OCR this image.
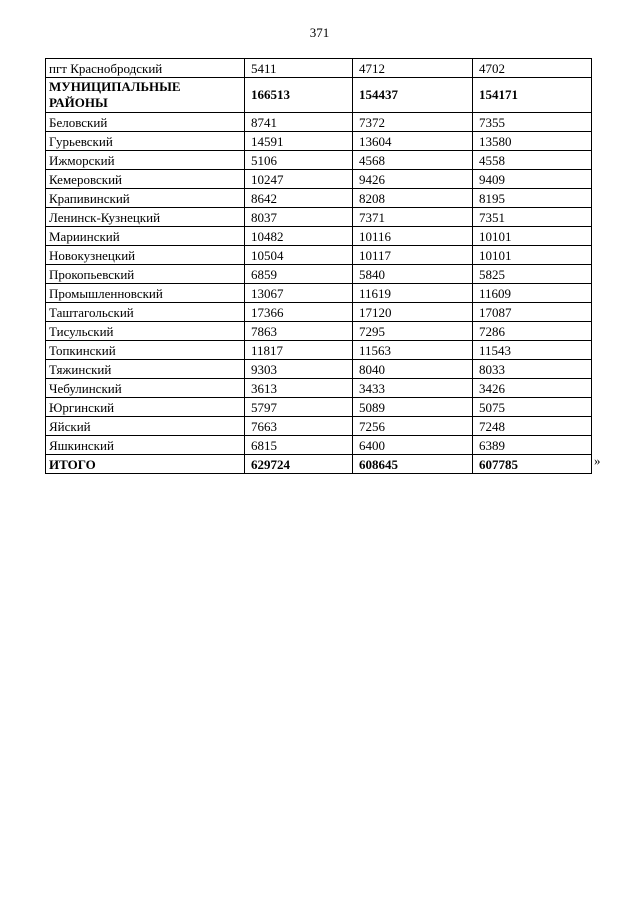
371
пгт Краснобродский	5411	4712	4702
МУНИЦИПАЛЬНЫЕ РАЙОНЫ	166513	154437	154171
Беловский	8741	7372	7355
Гурьевский	14591	13604	13580
Ижморский	5106	4568	4558
Кемеровский	10247	9426	9409
Крапивинский	8642	8208	8195
Ленинск-Кузнецкий	8037	7371	7351
Мариинский	10482	10116	10101
Новокузнецкий	10504	10117	10101
Прокопьевский	6859	5840	5825
Промышленновский	13067	11619	11609
Таштагольский	17366	17120	17087
Тисульский	7863	7295	7286
Топкинский	11817	11563	11543
Тяжинский	9303	8040	8033
Чебулинский	3613	3433	3426
Юргинский	5797	5089	5075
Яйский	7663	7256	7248
Яшкинский	6815	6400	6389
ИТОГО	629724	608645	607785	»
